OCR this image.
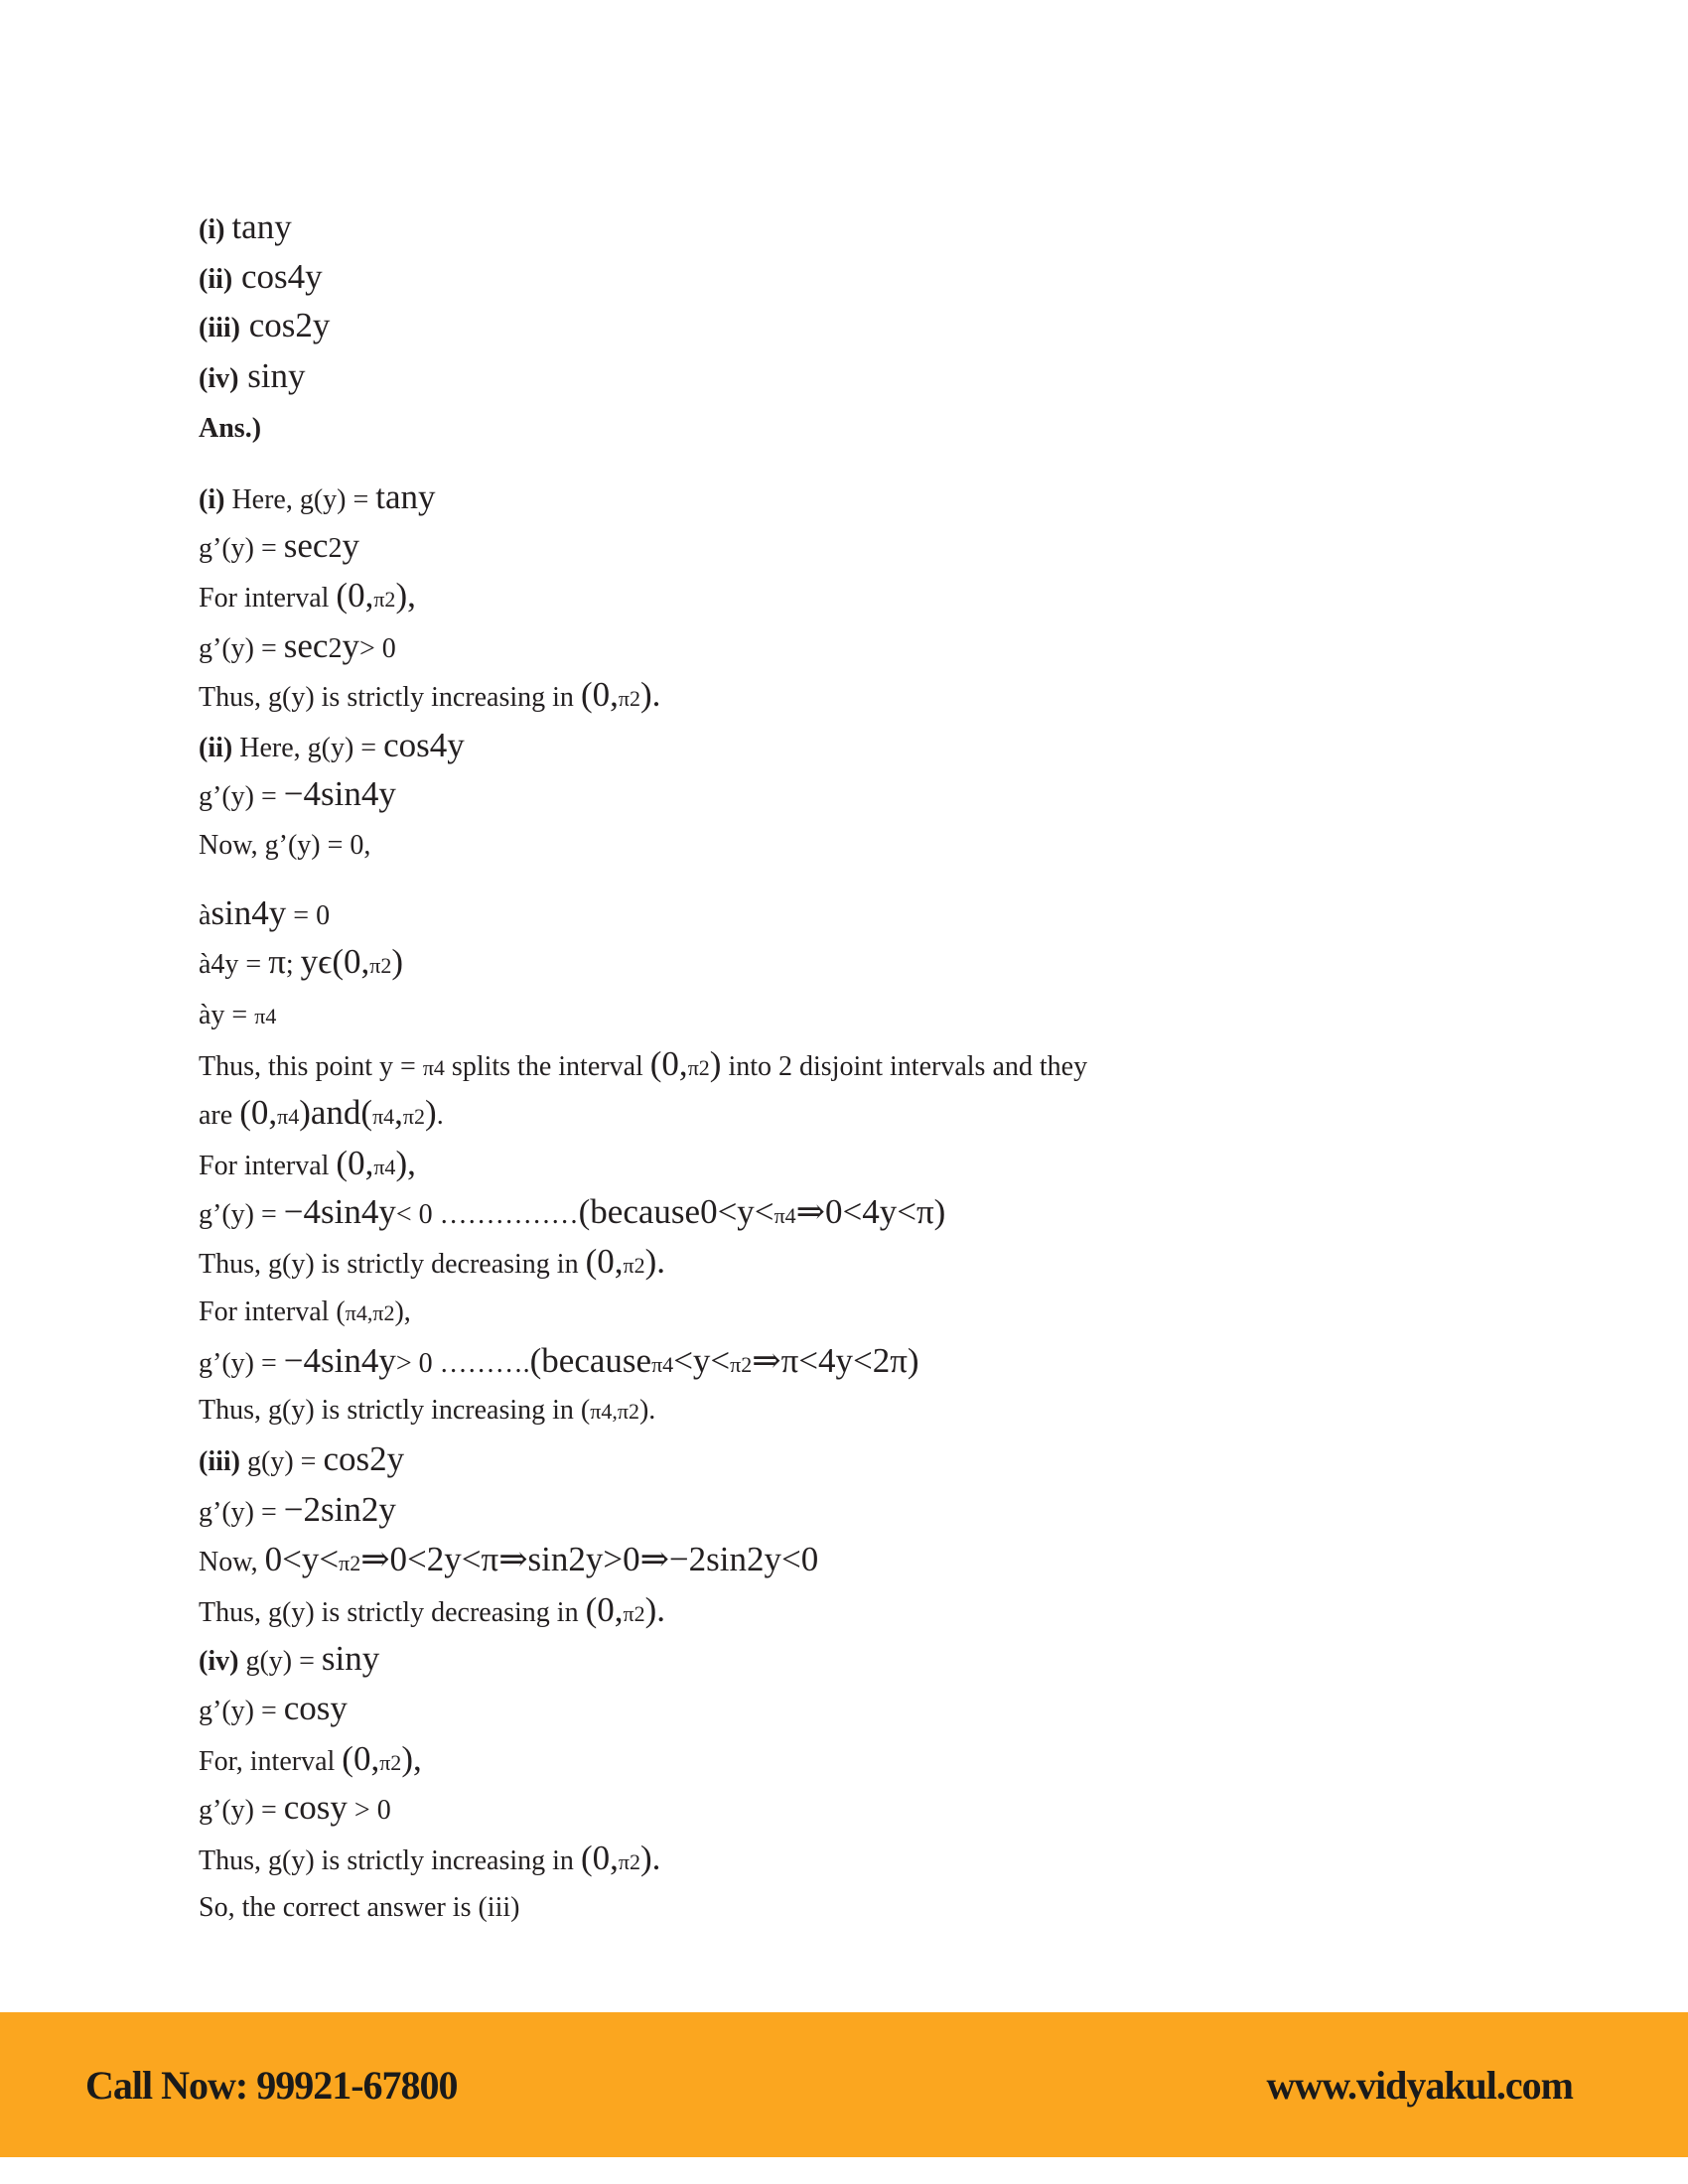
(i) tany
(ii) cos4y
(iii) cos2y
(iv) siny
Ans.)
(i) Here, g(y) = tany
g’(y) = sec2y
For interval (0,π2),
g’(y) = sec2y> 0
Thus, g(y) is strictly increasing in (0,π2).
(ii) Here, g(y) = cos4y
g’(y) = −4sin4y
Now, g’(y) = 0,
àsin4y = 0
à4y = π; yϵ(0,π2)
ày = π4
Thus, this point y = π4 splits the interval (0,π2) into 2 disjoint intervals and they
are (0,π4)and(π4,π2).
For interval (0,π4),
g’(y) = −4sin4y< 0 ……………(because0<y<π4⇒0<4y<π)
Thus, g(y) is strictly decreasing in (0,π2).
For interval (π4,π2),
g’(y) = −4sin4y> 0 ……….(becauseπ4<y<π2⇒π<4y<2π)
Thus, g(y) is strictly increasing in (π4,π2).
(iii) g(y) = cos2y
g’(y) = −2sin2y
Now, 0<y<π2⇒0<2y<π⇒sin2y>0⇒−2sin2y<0
Thus, g(y) is strictly decreasing in (0,π2).
(iv) g(y) = siny
g’(y) = cosy
For, interval (0,π2),
g’(y) = cosy > 0
Thus, g(y) is strictly increasing in (0,π2).
So, the correct answer is (iii)
Call Now: 99921-67800	www.vidyakul.com
